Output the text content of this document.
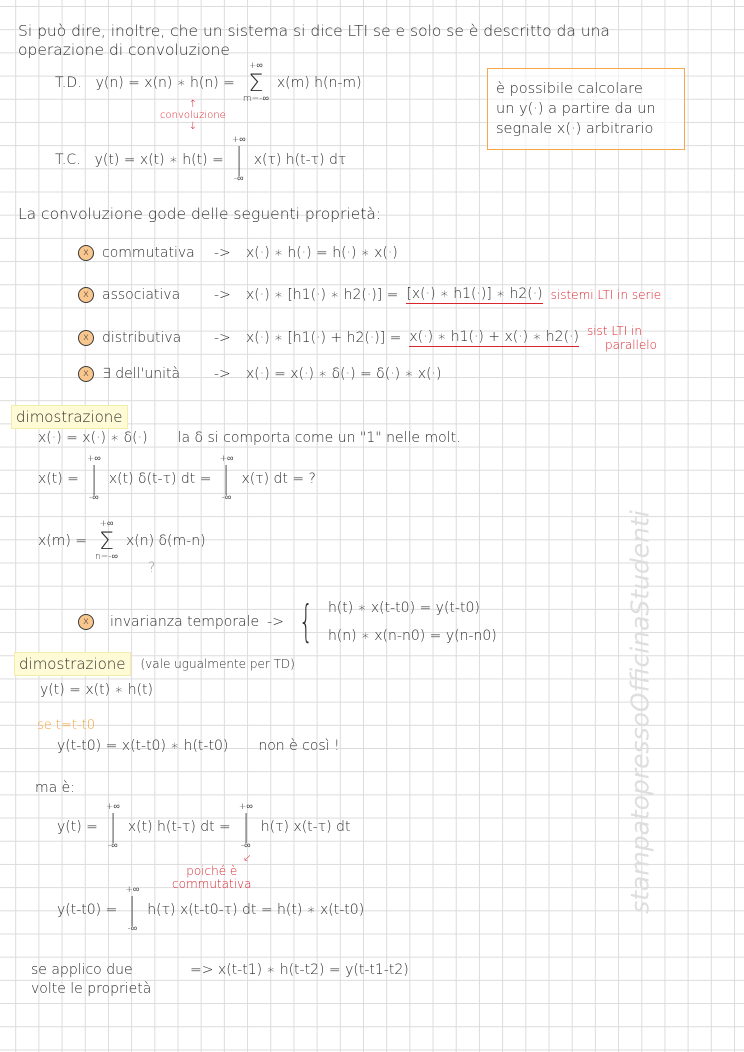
Si può dire, inoltre, che un sistema si dice LTI se e solo se è descritto da una
operazione di convoluzione
T.D. y(n) = x(n) ∗ h(n) =
+∞
Σ
m=-∞
x(m) h(n-m)
↑
convoluzione
↓
T.C. y(t) = x(t) ∗ h(t) =
+∞
|
-∞
x(τ) h(t-τ) dτ
è possibile calcolare
un y(·) a partire da un
segnale x(·) arbitrario
La convoluzione gode delle seguenti proprietà:
x commutativa	->	x(·) ∗ h(·) = h(·) ∗ x(·)
x associativa	->	x(·) ∗ [h1(·) ∗ h2(·)] = [x(·) ∗ h1(·)] ∗ h2(·) sistemi LTI in serie
x distributiva	->	x(·) ∗ [h1(·) + h2(·)] = x(·) ∗ h1(·) + x(·) ∗ h2(·) sist LTI in
parallelo
x ∃ dell'unità	->	x(·) = x(·) ∗ δ(·) = δ(·) ∗ x(·)
dimostrazione
x(·) = x(·) ∗ δ(·) la δ si comporta come un "1" nelle molt.
x(t) =
+∞
|
-∞
x(t) δ(t-τ) dt =
+∞
|
-∞
x(τ) dt = ?
x(m) =
+∞
Σ
n=-∞
x(n) δ(m-n)
?
x	invarianza temporale -> { h(t) ∗ x(t-t0) = y(t-t0)
h(n) ∗ x(n-n0) = y(n-n0)
dimostrazione	(vale ugualmente per TD)
y(t) = x(t) ∗ h(t)
se t=t-t0
y(t-t0) = x(t-t0) ∗ h(t-t0) non è così !
ma è:
y(t) =
+∞
|
-∞
x(t) h(t-τ) dt =
+∞
|
-∞
h(τ) x(t-τ) dt
↙
poiché è
commutativa
y(t-t0) =
+∞
|
-∞
h(τ) x(t-t0-τ) dt = h(t) ∗ x(t-t0)
se applico due
volte le proprietà
=> x(t-t1) ∗ h(t-t2) = y(t-t1-t2)
stampatopressoOfficinaStudenti
